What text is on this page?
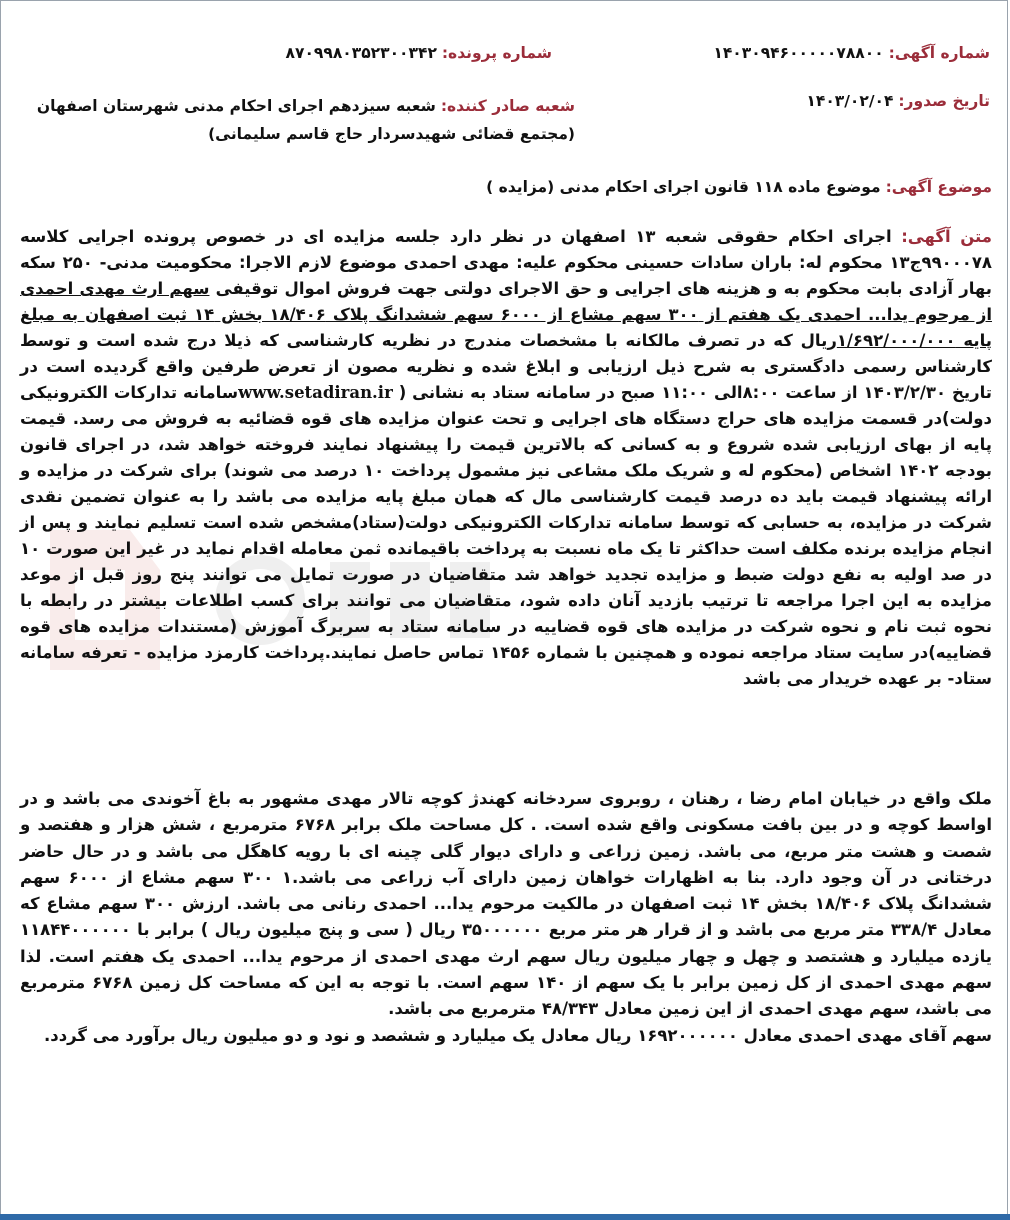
شماره آگهی: ۱۴۰۳۰۹۴۶۰۰۰۰۰۷۸۸۰۰
شماره پرونده: ۸۷۰۹۹۸۰۳۵۲۳۰۰۳۴۲
تاریخ صدور: ۱۴۰۳/۰۲/۰۴
شعبه صادر کننده: شعبه سیزدهم اجرای احکام مدنی شهرستان اصفهان (مجتمع قضائی شهیدسردار حاج قاسم سلیمانی)
موضوع آگهی: موضوع ماده ۱۱۸ قانون اجرای احکام مدنی (مزایده )
متن آگهی: اجرای احکام حقوقی شعبه ۱۳ اصفهان در نظر دارد جلسه مزایده ای در خصوص پرونده اجرایی کلاسه ۹۹۰۰۰۷۸ج۱۳ محکوم له: باران سادات حسینی محکوم علیه: مهدی احمدی موضوع لازم الاجرا: محکومیت مدنی- ۲۵۰ سکه بهار آزادی بابت محکوم به و هزینه های اجرایی و حق الاجرای دولتی جهت فروش اموال توقیفی سهم ارث مهدی احمدی از مرحوم یدا... احمدی یک هفتم از ۳۰۰ سهم مشاع از ۶۰۰۰ سهم ششدانگ پلاک ۱۸/۴۰۶ بخش ۱۴ ثبت اصفهان به مبلغ پایه ۱/۶۹۲/۰۰۰/۰۰۰ریال که در تصرف مالکانه با مشخصات مندرج در نظریه کارشناسی که ذیلا درج شده است و توسط کارشناس رسمی دادگستری به شرح ذیل ارزیابی و ابلاغ شده و نظریه مصون از تعرض طرفین واقع گردیده است در تاریخ ۱۴۰۳/۲/۳۰ از ساعت ۸:۰۰الی ۱۱:۰۰ صبح در سامانه ستاد به نشانی ( www.setadiran.irسامانه تدارکات الکترونیکی دولت)در قسمت مزایده های حراج دستگاه های اجرایی و تحت عنوان مزایده های قوه قضائیه به فروش می رسد. قیمت پایه از بهای ارزیابی شده شروع و به کسانی که بالاترین قیمت را پیشنهاد نمایند فروخته خواهد شد، در اجرای قانون بودجه ۱۴۰۲ اشخاص (محکوم له و شریک ملک مشاعی نیز مشمول پرداخت ۱۰ درصد می شوند) برای شرکت در مزایده و ارائه پیشنهاد قیمت باید ده درصد قیمت کارشناسی مال که همان مبلغ پایه مزایده می باشد را به عنوان تضمین نقدی شرکت در مزایده، به حسابی که توسط سامانه تدارکات الکترونیکی دولت(ستاد)مشخص شده است تسلیم نمایند و پس از انجام مزایده برنده مکلف است حداکثر تا یک ماه نسبت به پرداخت باقیمانده ثمن معامله اقدام نماید در غیر این صورت ۱۰ در صد اولیه به نفع دولت ضبط و مزایده تجدید خواهد شد متقاضیان در صورت تمایل می توانند پنج روز قبل از موعد مزایده به این اجرا مراجعه تا ترتیب بازدید آنان داده شود، متقاضیان می توانند برای کسب اطلاعات بیشتر در رابطه با نحوه ثبت نام و نحوه شرکت در مزایده های قوه قضاییه در سامانه ستاد به سربرگ آموزش (مستندات مزایده های قوه قضاییه)در سایت ستاد مراجعه نموده و همچنین با شماره ۱۴۵۶ تماس حاصل نمایند.پرداخت کارمزد مزایده - تعرفه سامانه ستاد- بر عهده خریدار می باشد
ملک واقع در خیابان امام رضا ، رهنان ، روبروی سردخانه کهندژ کوچه تالار مهدی مشهور به باغ آخوندی می باشد و در اواسط کوچه و در بین بافت مسکونی واقع شده است. . کل مساحت ملک برابر ۶۷۶۸ مترمربع ، شش هزار و هفتصد و شصت و هشت متر مربع، می باشد. زمین زراعی و دارای دیوار گلی چینه ای با رویه کاهگل می باشد و در حال حاضر درختانی در آن وجود دارد. بنا به اظهارات خواهان زمین دارای آب زراعی می باشد.۱ ۳۰۰ سهم مشاع از ۶۰۰۰ سهم ششدانگ پلاک ۱۸/۴۰۶ بخش ۱۴ ثبت اصفهان در مالکیت مرحوم یدا... احمدی رنانی می باشد. ارزش ۳۰۰ سهم مشاع که معادل ۳۳۸/۴ متر مربع می باشد و از قرار هر متر مربع ۳۵۰۰۰۰۰۰ ریال ( سی و پنج میلیون ریال ) برابر با ۱۱۸۴۴۰۰۰۰۰۰ یازده میلیارد و هشتصد و چهل و چهار میلیون ریال سهم ارث مهدی احمدی از مرحوم یدا... احمدی یک هفتم است. لذا سهم مهدی احمدی از کل زمین برابر با یک سهم از ۱۴۰ سهم است. با توجه به این که مساحت کل زمین ۶۷۶۸ مترمربع می باشد، سهم مهدی احمدی از این زمین معادل ۴۸/۳۴۳ مترمربع می باشد.
سهم آقای مهدی احمدی معادل ۱۶۹۲۰۰۰۰۰۰ ریال معادل یک میلیارد و ششصد و نود و دو میلیون ریال برآورد می گردد.
